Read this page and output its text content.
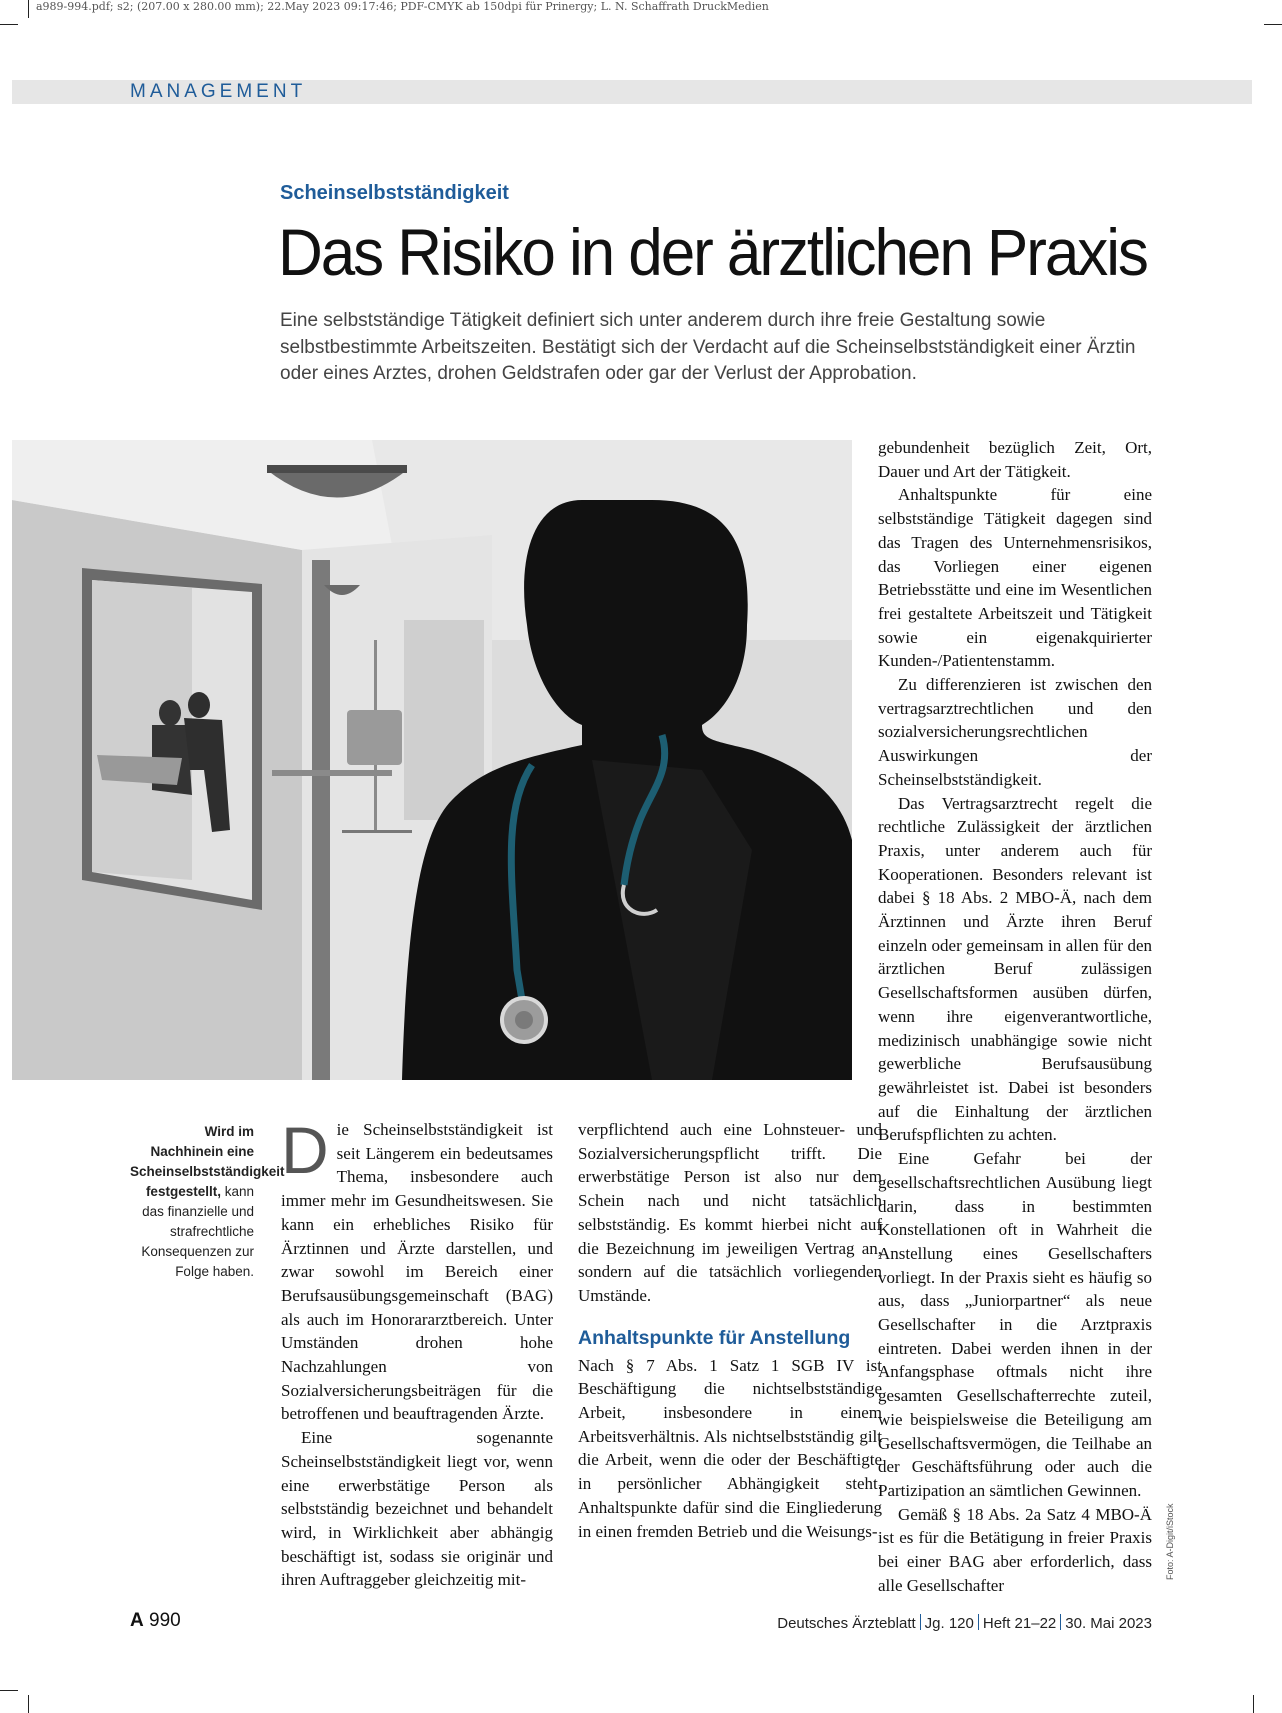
a989-994.pdf; s2; (207.00 x 280.00 mm); 22.May 2023 09:17:46; PDF-CMYK ab 150dpi für Prinergy; L. N. Schaffrath DruckMedien
MANAGEMENT
Scheinselbstständigkeit
Das Risiko in der ärztlichen Praxis
Eine selbstständige Tätigkeit definiert sich unter anderem durch ihre freie Gestaltung sowie selbstbestimmte Arbeitszeiten. Bestätigt sich der Verdacht auf die Scheinselbstständigkeit einer Ärztin oder eines Arztes, drohen Geldstrafen oder gar der Verlust der Approbation.
Wird im Nachhinein eine Scheinselbstständigkeit festgestellt, kann das finanzielle und strafrechtliche Konsequenzen zur Folge haben.
D ie Scheinselbstständigkeit ist seit Längerem ein bedeutsames Thema, insbesondere auch immer mehr im Gesundheitswesen. Sie kann ein erhebliches Risiko für Ärztinnen und Ärzte darstellen, und zwar sowohl im Bereich einer Berufsausübungsgemeinschaft (BAG) als auch im Honorararztbereich. Unter Umständen drohen hohe Nachzahlungen von Sozialversicherungsbeiträgen für die betroffenen und beauftragenden Ärzte.

Eine sogenannte Scheinselbstständigkeit liegt vor, wenn eine erwerbstätige Person als selbstständig bezeichnet und behandelt wird, in Wirklichkeit aber abhängig beschäftigt ist, sodass sie originär und ihren Auftraggeber gleichzeitig mit-

verpflichtend auch eine Lohnsteuer- und Sozialversicherungspflicht trifft. Die erwerbstätige Person ist also nur dem Schein nach und nicht tatsächlich selbstständig. Es kommt hierbei nicht auf die Bezeichnung im jeweiligen Vertrag an, sondern auf die tatsächlich vorliegenden Umstände.

Anhaltspunkte für Anstellung

Nach § 7 Abs. 1 Satz 1 SGB IV ist Beschäftigung die nichtselbstständige Arbeit, insbesondere in einem Arbeitsverhältnis. Als nichtselbstständig gilt die Arbeit, wenn die oder der Beschäftigte in persönlicher Abhängigkeit steht. Anhaltspunkte dafür sind die Eingliederung in einen fremden Betrieb und die Weisungs-

gebundenheit bezüglich Zeit, Ort, Dauer und Art der Tätigkeit.

Anhaltspunkte für eine selbstständige Tätigkeit dagegen sind das Tragen des Unternehmensrisikos, das Vorliegen einer eigenen Betriebsstätte und eine im Wesentlichen frei gestaltete Arbeitszeit und Tätigkeit sowie ein eigenakquirierter Kunden-/Patientenstamm.

Zu differenzieren ist zwischen den vertragsarztrechtlichen und den sozialversicherungsrechtlichen Auswirkungen der Scheinselbstständigkeit.

Das Vertragsarztrecht regelt die rechtliche Zulässigkeit der ärztlichen Praxis, unter anderem auch für Kooperationen. Besonders relevant ist dabei § 18 Abs. 2 MBO-Ä, nach dem Ärztinnen und Ärzte ihren Beruf einzeln oder gemeinsam in allen für den ärztlichen Beruf zulässigen Gesellschaftsformen ausüben dürfen, wenn ihre eigenverantwortliche, medizinisch unabhängige sowie nicht gewerbliche Berufsausübung gewährleistet ist. Dabei ist besonders auf die Einhaltung der ärztlichen Berufspflichten zu achten.

Eine Gefahr bei der gesellschaftsrechtlichen Ausübung liegt darin, dass in bestimmten Konstellationen oft in Wahrheit die Anstellung eines Gesellschafters vorliegt. In der Praxis sieht es häufig so aus, dass „Juniorpartner“ als neue Gesellschafter in die Arztpraxis eintreten. Dabei werden ihnen in der Anfangsphase oftmals nicht ihre gesamten Gesellschafterrechte zuteil, wie beispielsweise die Beteiligung am Gesellschaftsvermögen, die Teilhabe an der Geschäftsführung oder auch die Partizipation an sämtlichen Gewinnen.

Gemäß § 18 Abs. 2a Satz 4 MBO-Ä ist es für die Betätigung in freier Praxis bei einer BAG aber erforderlich, dass alle Gesellschafter

Foto: A-Digit/iStock
A 990	Deutsches Ärzteblatt Jg. 120 Heft 21–22 30. Mai 2023
